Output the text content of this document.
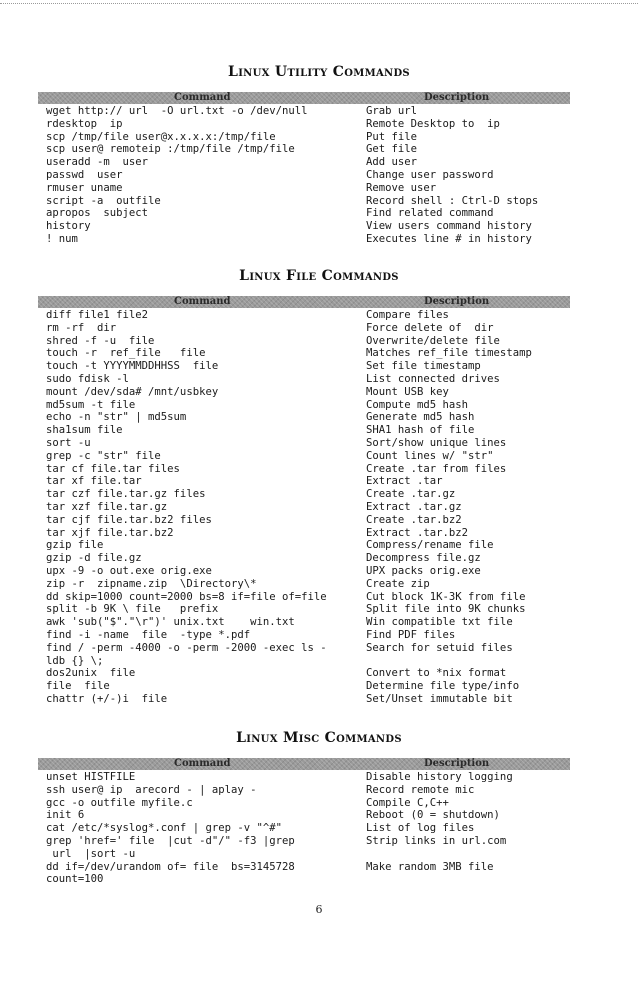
Linux Utility Commands
Command	Description
wget http:// url  -O url.txt -o /dev/null	Grab url
rdesktop  ip	Remote Desktop to  ip
scp /tmp/file user@x.x.x.x:/tmp/file	Put file
scp user@ remoteip :/tmp/file /tmp/file	Get file
useradd -m  user	Add user
passwd  user	Change user password
rmuser uname	Remove user
script -a  outfile	Record shell : Ctrl-D stops
apropos  subject	Find related command
history	View users command history
! num	Executes line # in history
Linux File Commands
Command	Description
diff file1 file2	Compare files
rm -rf  dir	Force delete of  dir
shred -f -u  file	Overwrite/delete file
touch -r  ref_file   file	Matches ref_file timestamp
touch -t YYYYMMDDHHSS  file	Set file timestamp
sudo fdisk -l	List connected drives
mount /dev/sda# /mnt/usbkey	Mount USB key
md5sum -t file	Compute md5 hash
echo -n "str" | md5sum	Generate md5 hash
sha1sum file	SHA1 hash of file
sort -u	Sort/show unique lines
grep -c "str" file	Count lines w/ "str"
tar cf file.tar files	Create .tar from files
tar xf file.tar	Extract .tar
tar czf file.tar.gz files	Create .tar.gz
tar xzf file.tar.gz	Extract .tar.gz
tar cjf file.tar.bz2 files	Create .tar.bz2
tar xjf file.tar.bz2	Extract .tar.bz2
gzip file	Compress/rename file
gzip -d file.gz	Decompress file.gz
upx -9 -o out.exe orig.exe	UPX packs orig.exe
zip -r  zipname.zip  \Directory\*	Create zip
dd skip=1000 count=2000 bs=8 if=file of=file	Cut block 1K-3K from file
split -b 9K \ file   prefix	Split file into 9K chunks
awk 'sub("$"."\r")' unix.txt    win.txt	Win compatible txt file
find -i -name  file  -type *.pdf	Find PDF files
find / -perm -4000 -o -perm -2000 -exec ls -	Search for setuid files
ldb {} \;
dos2unix  file	Convert to *nix format
file  file	Determine file type/info
chattr (+/-)i  file	Set/Unset immutable bit
Linux Misc Commands
Command	Description
unset HISTFILE	Disable history logging
ssh user@ ip  arecord - | aplay -	Record remote mic
gcc -o outfile myfile.c	Compile C,C++
init 6	Reboot (0 = shutdown)
cat /etc/*syslog*.conf | grep -v "^#"	List of log files
grep 'href=' file  |cut -d"/" -f3 |grep	Strip links in url.com
url  |sort -u
dd if=/dev/urandom of= file  bs=3145728	Make random 3MB file
count=100
6
